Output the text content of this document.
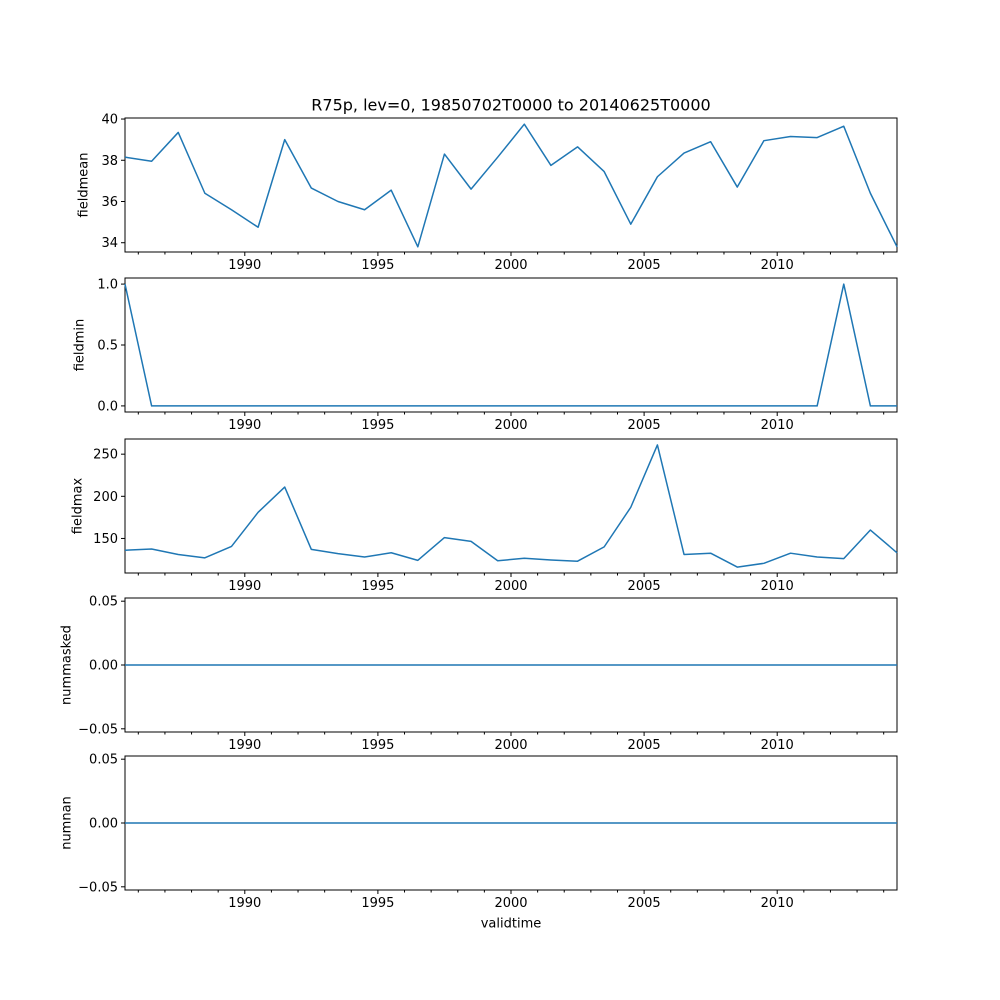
R75p, lev=0, 19850702T0000 to 20140625T0000
fieldmean
fieldmin
fieldmax
nummasked
numnan
34
36
38
40
1990	1995	2000	2005	2010
0.0
0.5
1.0
1990	1995	2000	2005	2010
150
200
250
1990	1995	2000	2005	2010
−0.05
0.00
0.05
1990	1995	2000	2005	2010
−0.05
0.00
0.05
1990	1995	2000	2005	2010
validtime
